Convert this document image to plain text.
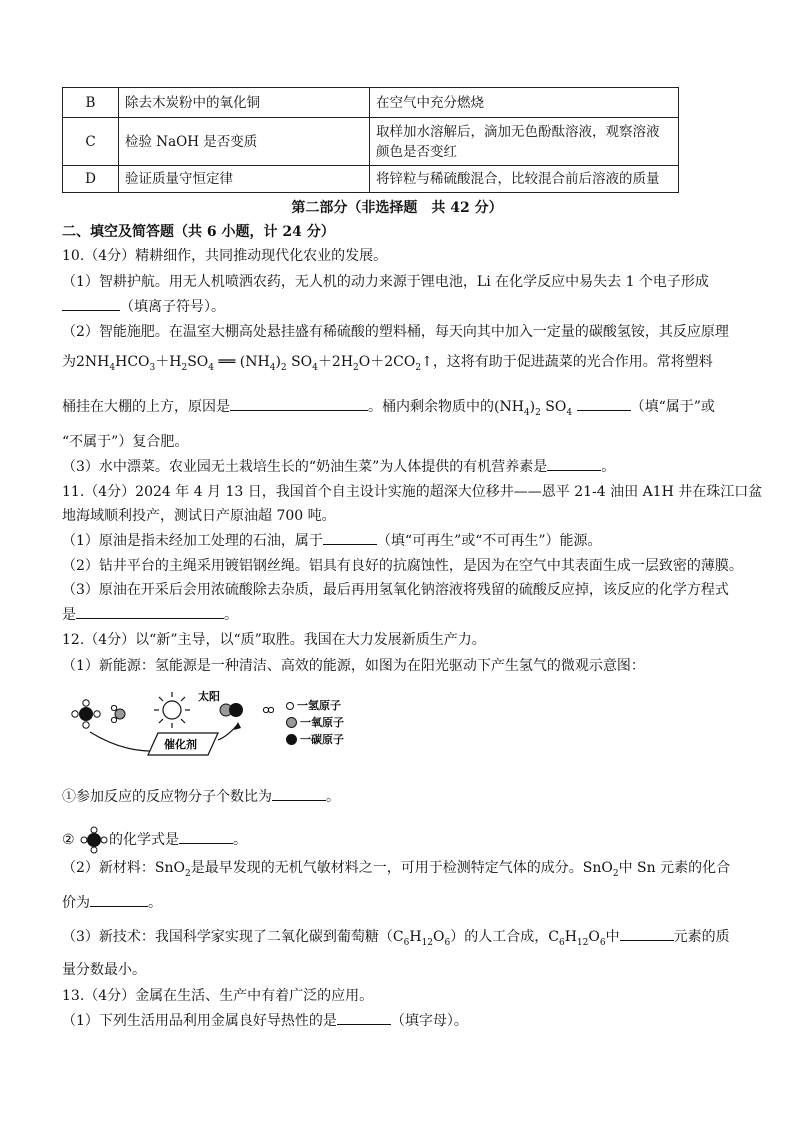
B	除去木炭粉中的氧化铜	在空气中充分燃烧
C	检验 NaOH 是否变质	取样加水溶解后，滴加无色酚酞溶液，观察溶液颜色是否变红
D	验证质量守恒定律	将锌粒与稀硫酸混合，比较混合前后溶液的质量
第二部分（非选择题　共 42 分）
二、填空及简答题（共 6 小题，计 24 分）
10.（4分）精耕细作，共同推动现代化农业的发展。
（1）智耕护航。用无人机喷洒农药，无人机的动力来源于锂电池，Li 在化学反应中易失去 1 个电子形成
（填离子符号）。
（2）智能施肥。在温室大棚高处悬挂盛有稀硫酸的塑料桶，每天向其中加入一定量的碳酸氢铵，其反应原理
为$2NH_4HCO_3+H_2SO_4$ ══ $(NH_4)_2$ $SO_4+2H_2O+2CO_2↑$，这将有助于促进蔬菜的光合作用。常将塑料
桶挂在大棚的上方，原因是	。桶内剩余物质中的$(NH_4)_2$ $SO_4$	（填“属于”或
“不属于”）复合肥。
（3）水中漂菜。农业园无土栽培生长的“奶油生菜”为人体提供的有机营养素是	。
11.（4分）2024 年 4 月 13 日，我国首个自主设计实施的超深大位移井——恩平 21-4 油田 A1H 井在珠江口盆
地海域顺利投产，测试日产原油超 700 吨。
（1）原油是指未经加工处理的石油，属于	（填“可再生”或“不可再生”）能源。
（2）钻井平台的主绳采用镀铝钢丝绳。铝具有良好的抗腐蚀性，是因为在空气中其表面生成一层致密的薄膜。
（3）原油在开采后会用浓硫酸除去杂质，最后再用氢氧化钠溶液将残留的硫酸反应掉，该反应的化学方程式
是	。
12.（4分）以“新”主导，以“质”取胜。我国在大力发展新质生产力。
（1）新能源：氢能源是一种清洁、高效的能源，如图为在阳光驱动下产生氢气的微观示意图：
太阳
催化剂
一氢原子
一氧原子
一碳原子
①参加反应的反应物分子个数比为	。
② 的化学式是	。
（2）新材料：SnO$_2$是最早发现的无机气敏材料之一，可用于检测特定气体的成分。SnO$_2$中 Sn 元素的化合
价为	。
（3）新技术：我国科学家实现了二氧化碳到葡萄糖$(C_6H_{12}O_6)$的人工合成，$C_6H_{12}O_6$中	元素的质
量分数最小。
13.（4分）金属在生活、生产中有着广泛的应用。
（1）下列生活用品利用金属良好导热性的是	（填字母）。
